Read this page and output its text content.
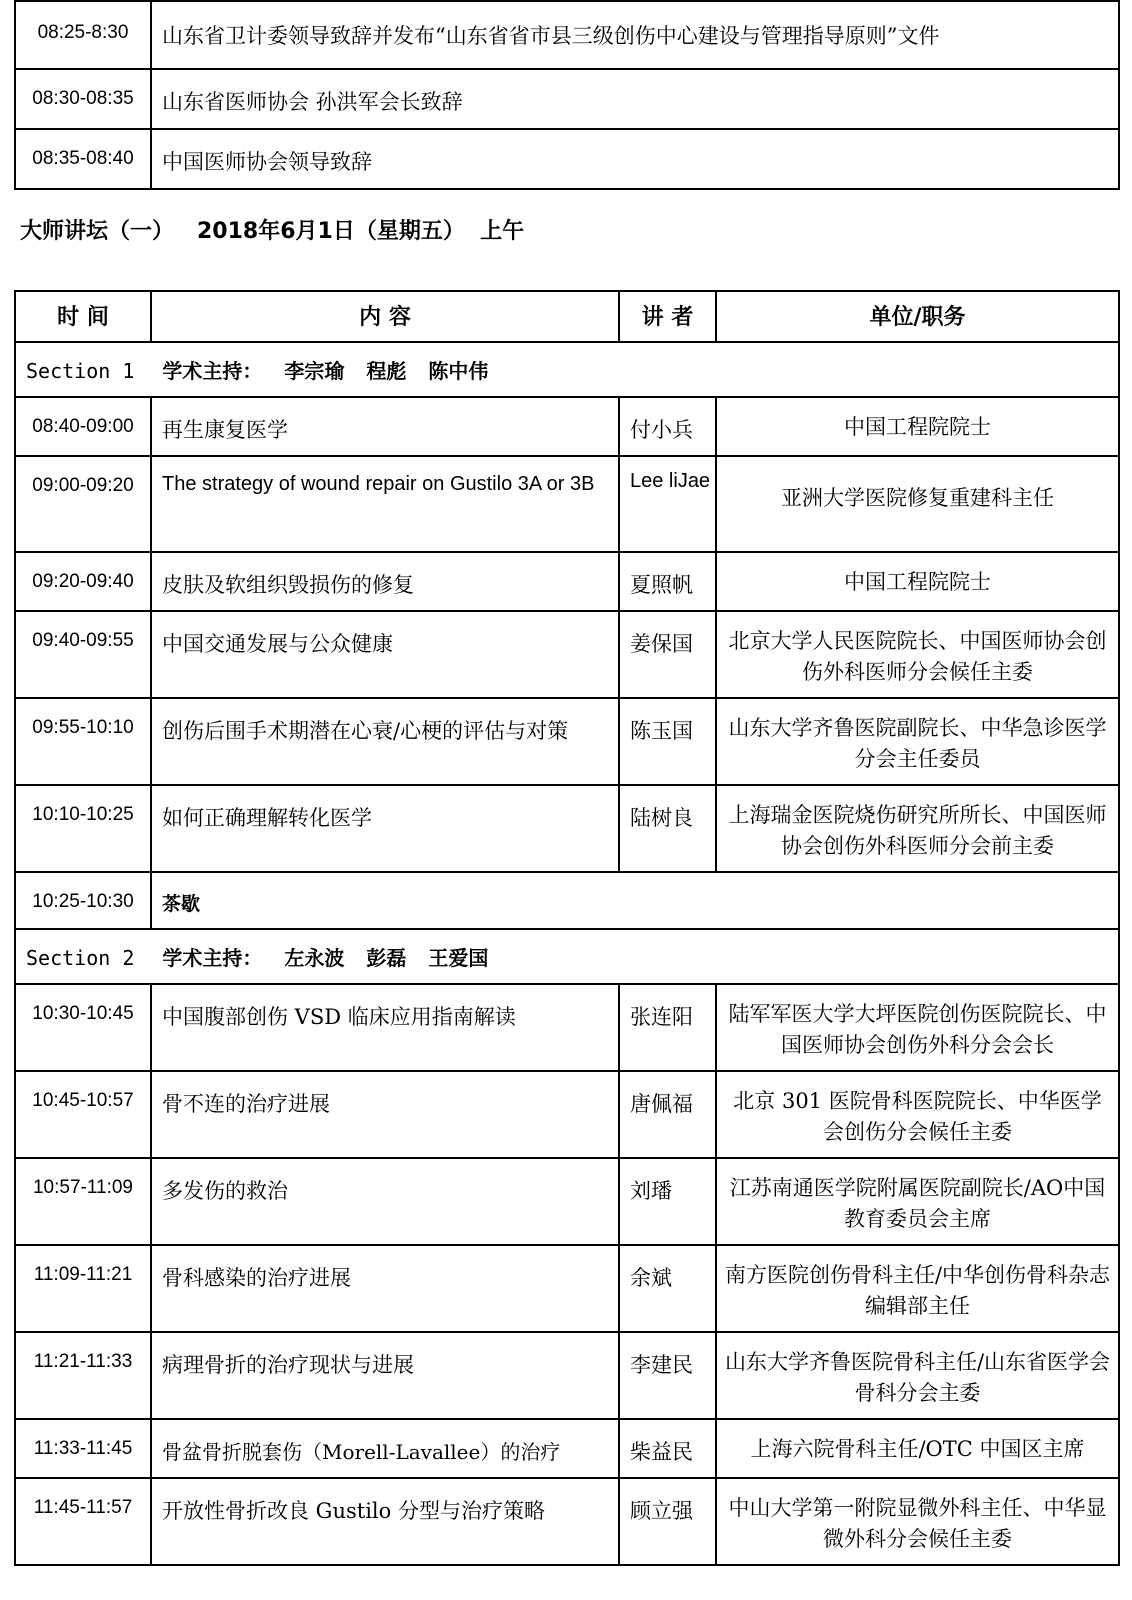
08:25-8:30	山东省卫计委领导致辞并发布“山东省省市县三级创伤中心建设与管理指导原则”文件
08:30-08:35	山东省医师协会 孙洪军会长致辞
08:35-08:40	中国医师协会领导致辞
大师讲坛（一）   2018年6月1日（星期五）  上午
时 间	内 容	讲 者	单位/职务
Section 1 学术主持： 李宗瑜 程彪 陈中伟			
08:40-09:00	再生康复医学	付小兵	中国工程院院士
09:00-09:20	The strategy of wound repair on Gustilo 3A or 3B	Lee liJae	亚洲大学医院修复重建科主任
09:20-09:40	皮肤及软组织毁损伤的修复	夏照帆	中国工程院院士
09:40-09:55	中国交通发展与公众健康	姜保国	北京大学人民医院院长、中国医师协会创伤外科医师分会候任主委
09:55-10:10	创伤后围手术期潜在心衰/心梗的评估与对策	陈玉国	山东大学齐鲁医院副院长、中华急诊医学分会主任委员
10:10-10:25	如何正确理解转化医学	陆树良	上海瑞金医院烧伤研究所所长、中国医师协会创伤外科医师分会前主委
10:25-10:30	茶歇		
Section 2 学术主持： 左永波 彭磊 王爱国			
10:30-10:45	中国腹部创伤 VSD 临床应用指南解读	张连阳	陆军军医大学大坪医院创伤医院院长、中国医师协会创伤外科分会会长
10:45-10:57	骨不连的治疗进展	唐佩福	北京 301 医院骨科医院院长、中华医学会创伤分会候任主委
10:57-11:09	多发伤的救治	刘璠	江苏南通医学院附属医院副院长/AO中国教育委员会主席
11:09-11:21	骨科感染的治疗进展	余斌	南方医院创伤骨科主任/中华创伤骨科杂志编辑部主任
11:21-11:33	病理骨折的治疗现状与进展	李建民	山东大学齐鲁医院骨科主任/山东省医学会骨科分会主委
11:33-11:45	骨盆骨折脱套伤（Morell-Lavallee）的治疗	柴益民	上海六院骨科主任/OTC 中国区主席
11:45-11:57	开放性骨折改良 Gustilo 分型与治疗策略	顾立强	中山大学第一附院显微外科主任、中华显微外科分会候任主委
